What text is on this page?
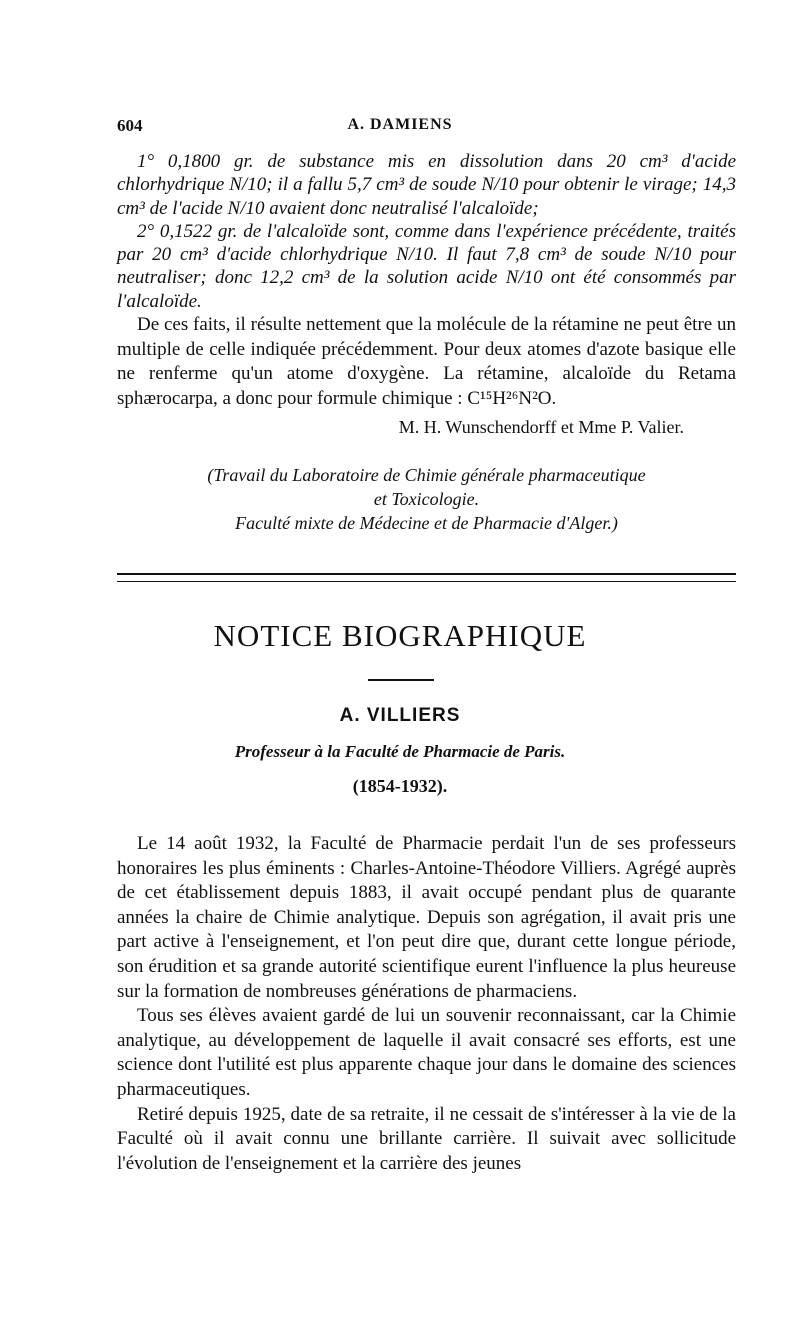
604	A. DAMIENS

1° 0,1800 gr. de substance mis en dissolution dans 20 cm³ d'acide chlorhydrique N/10; il a fallu 5,7 cm³ de soude N/10 pour obtenir le virage; 14,3 cm³ de l'acide N/10 avaient donc neutralisé l'alcaloïde;

2° 0,1522 gr. de l'alcaloïde sont, comme dans l'expérience précédente, traités par 20 cm³ d'acide chlorhydrique N/10. Il faut 7,8 cm³ de soude N/10 pour neutraliser; donc 12,2 cm³ de la solution acide N/10 ont été consommés par l'alcaloïde.

De ces faits, il résulte nettement que la molécule de la rétamine ne peut être un multiple de celle indiquée précédemment. Pour deux atomes d'azote basique elle ne renferme qu'un atome d'oxygène. La rétamine, alcaloïde du Retama sphærocarpa, a donc pour formule chimique : C¹⁵H²⁶N²O.

M. H. Wunschendorff et Mme P. Valier.

(Travail du Laboratoire de Chimie générale pharmaceutique
et Toxicologie.
Faculté mixte de Médecine et de Pharmacie d'Alger.)
NOTICE BIOGRAPHIQUE
A. VILLIERS
Professeur à la Faculté de Pharmacie de Paris.
(1854-1932).

Le 14 août 1932, la Faculté de Pharmacie perdait l'un de ses professeurs honoraires les plus éminents : Charles-Antoine-Théodore Villiers. Agrégé auprès de cet établissement depuis 1883, il avait occupé pendant plus de quarante années la chaire de Chimie analytique. Depuis son agrégation, il avait pris une part active à l'enseignement, et l'on peut dire que, durant cette longue période, son érudition et sa grande autorité scientifique eurent l'influence la plus heureuse sur la formation de nombreuses générations de pharmaciens.

Tous ses élèves avaient gardé de lui un souvenir reconnaissant, car la Chimie analytique, au développement de laquelle il avait consacré ses efforts, est une science dont l'utilité est plus apparente chaque jour dans le domaine des sciences pharmaceutiques.

Retiré depuis 1925, date de sa retraite, il ne cessait de s'intéresser à la vie de la Faculté où il avait connu une brillante carrière. Il suivait avec sollicitude l'évolution de l'enseignement et la carrière des jeunes
